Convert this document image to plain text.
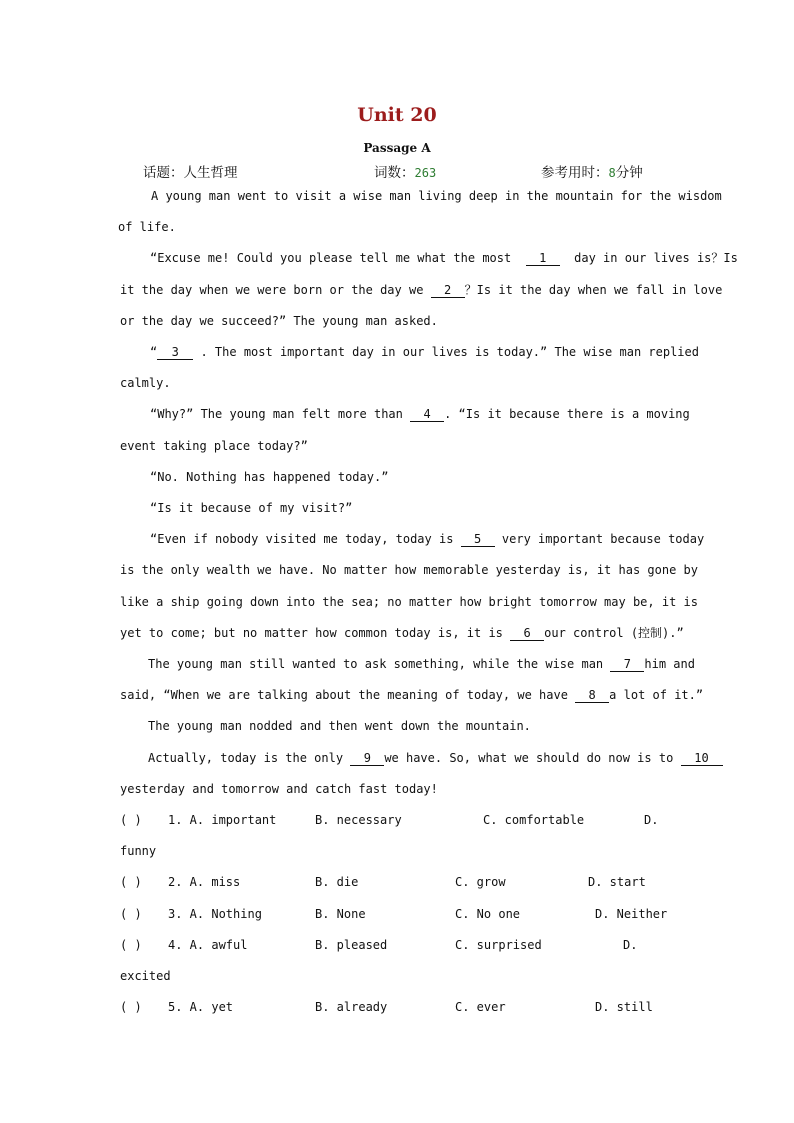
Unit 20
Passage A
话题：人生哲理	词数：263	参考用时：8分钟
A young man went to visit a wise man living deep in the mountain for the wisdom
of life.
“Excuse me! Could you please tell me what the most 1 day in our lives is？Is
it the day when we were born or the day we 2 ？Is it the day when we fall in love
or the day we succeed?” The young man asked.
“ 3 . The most important day in our lives is today.” The wise man replied
calmly.
“Why?” The young man felt more than 4 . “Is it because there is a moving
event taking place today?”
“No. Nothing has happened today.”
“Is it because of my visit?”
“Even if nobody visited me today, today is 5 very important because today
is the only wealth we have. No matter how memorable yesterday is, it has gone by
like a ship going down into the sea; no matter how bright tomorrow may be, it is
yet to come; but no matter how common today is, it is 6 our control (控制).”
The young man still wanted to ask something, while the wise man 7 him and
said, “When we are talking about the meaning of today, we have 8 a lot of it.”
The young man nodded and then went down the mountain.
Actually, today is the only 9 we have. So, what we should do now is to 10
yesterday and tomorrow and catch fast today!
( ) 1. A. important	B. necessary	C. comfortable	D.
funny
( ) 2. A. miss	B. die	C. grow	D. start
( ) 3. A. Nothing	B. None	C. No one	D. Neither
( ) 4. A. awful	B. pleased	C. surprised	D.
excited
( ) 5. A. yet	B. already	C. ever	D. still
